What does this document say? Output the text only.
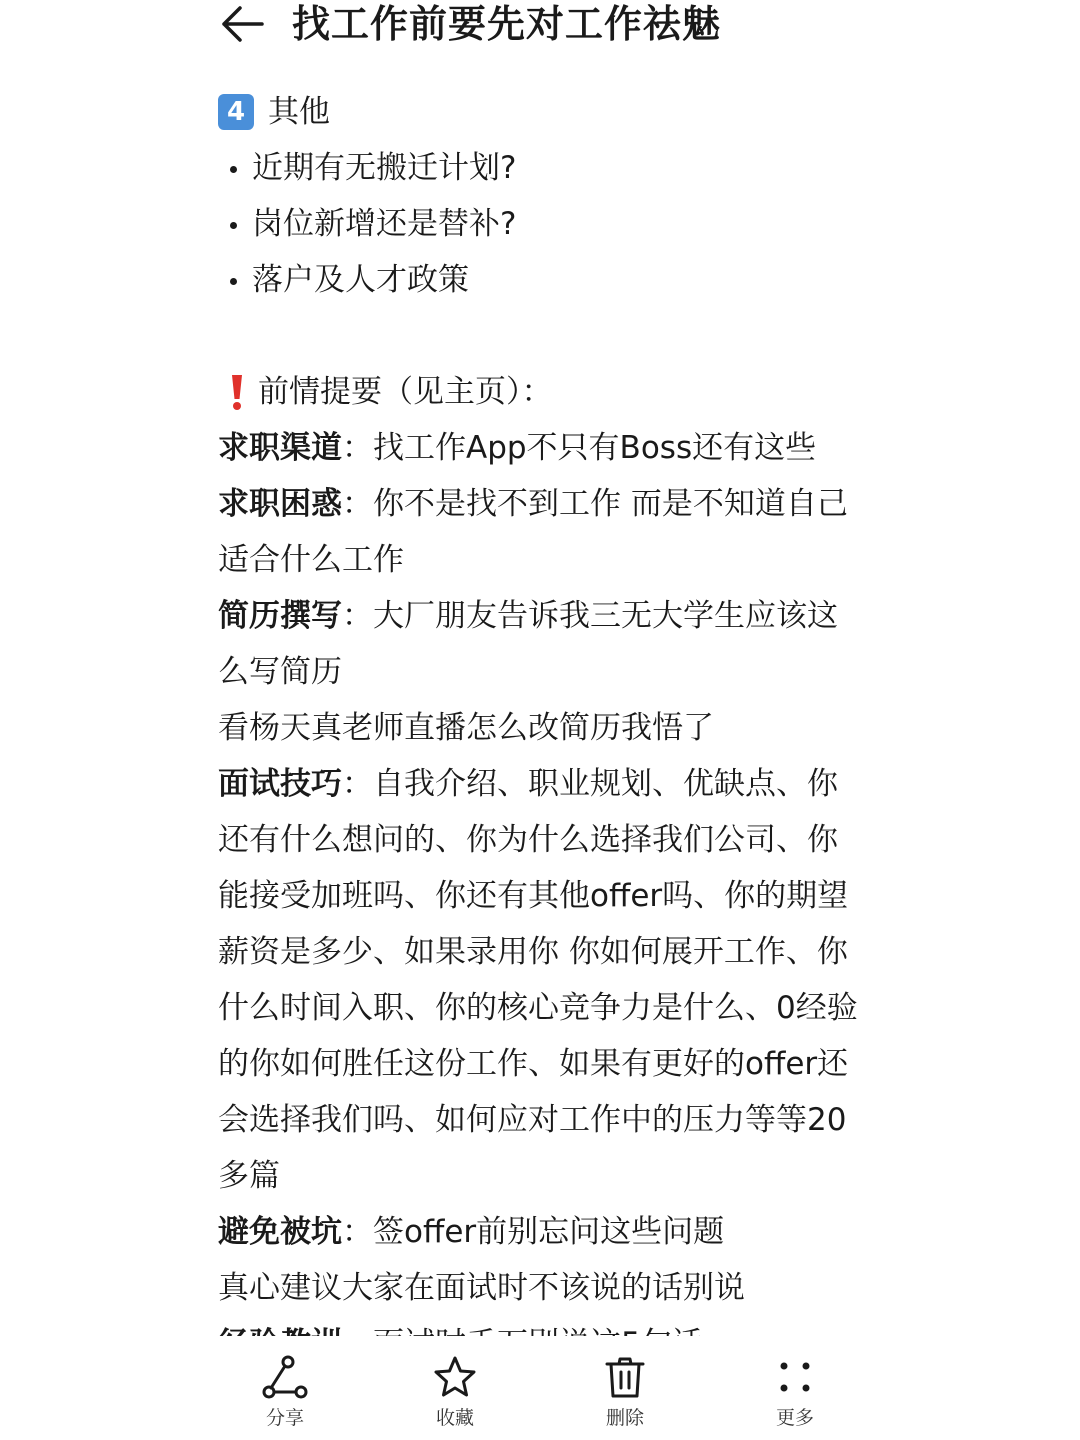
找工作前要先对工作祛魅
4 其他
近期有无搬迁计划?
岗位新增还是替补?
落户及人才政策
前情提要（见主页）：

求职渠道：找工作App不只有Boss还有这些

求职困惑：你不是找不到工作 而是不知道自己适合什么工作

简历撰写：大厂朋友告诉我三无大学生应该这么写简历

看杨天真老师直播怎么改简历我悟了

面试技巧：自我介绍、职业规划、优缺点、你还有什么想问的、你为什么选择我们公司、你能接受加班吗、你还有其他offer吗、你的期望薪资是多少、如果录用你 你如何展开工作、你什么时间入职、你的核心竞争力是什么、0经验的你如何胜任这份工作、如果有更好的offer还会选择我们吗、如何应对工作中的压力等等20多篇

避免被坑：签offer前别忘问这些问题

真心建议大家在面试时不该说的话别说

分享	收藏	删除	更多
